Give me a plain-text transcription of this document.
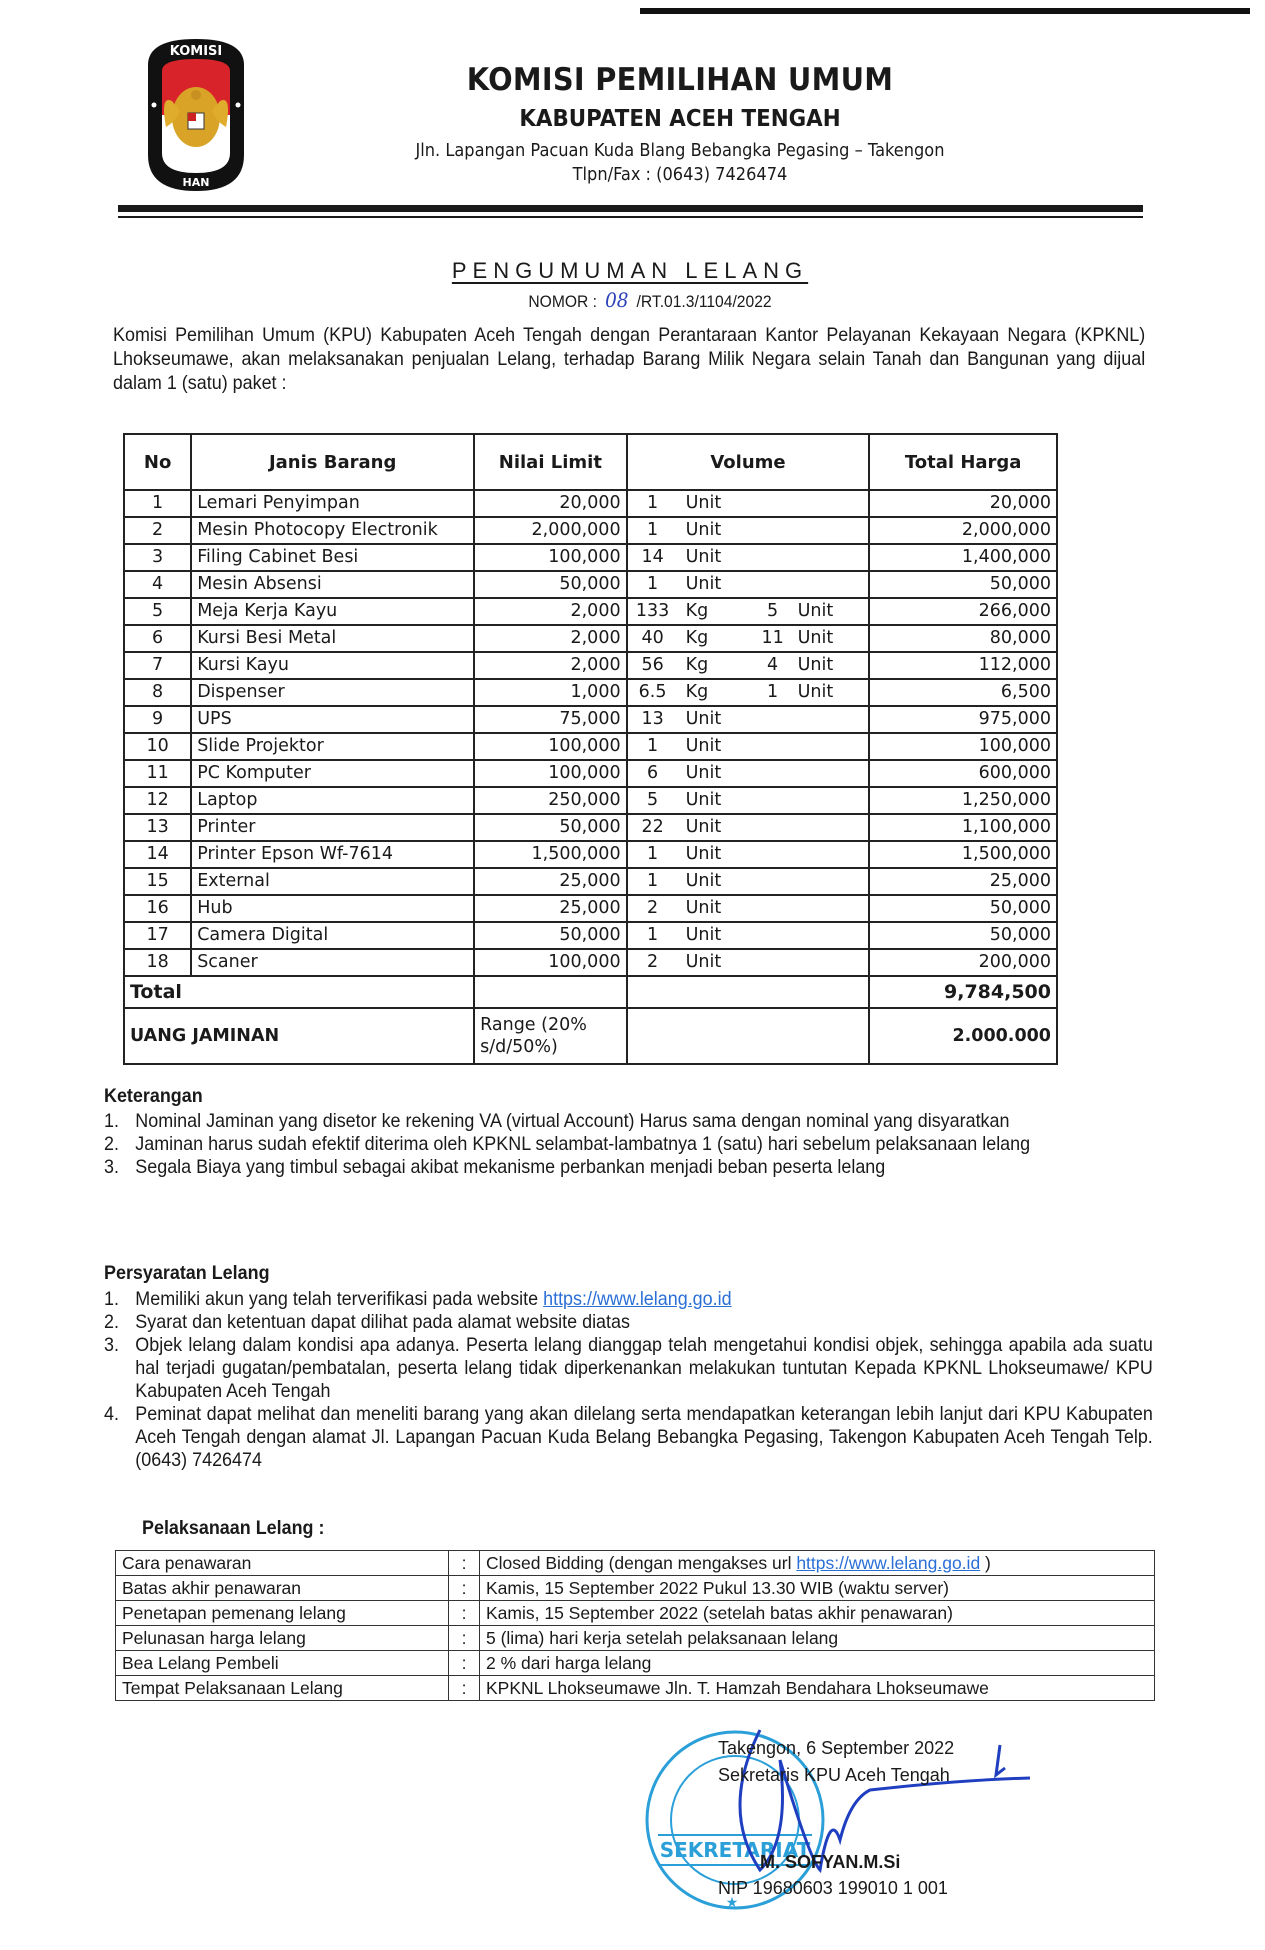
KOMISI
HAN
KOMISI PEMILIHAN UMUM
KABUPATEN ACEH TENGAH
Jln. Lapangan Pacuan Kuda Blang Bebangka Pegasing – Takengon
Tlpn/Fax : (0643) 7426474
PENGUMUMAN LELANG
NOMOR : 08 /RT.01.3/1104/2022
Komisi Pemilihan Umum (KPU) Kabupaten Aceh Tengah dengan Perantaraan Kantor Pelayanan Kekayaan Negara (KPKNL) Lhokseumawe, akan melaksanakan penjualan Lelang, terhadap Barang Milik Negara selain Tanah dan Bangunan yang dijual dalam 1 (satu) paket :
No	Janis Barang	Nilai Limit	Volume	Total Harga
1	Lemari Penyimpan	20,000	1 Unit	20,000
2	Mesin Photocopy Electronik	2,000,000	1 Unit	2,000,000
3	Filing Cabinet Besi	100,000	14 Unit	1,400,000
4	Mesin Absensi	50,000	1 Unit	50,000
5	Meja Kerja Kayu	2,000	133 Kg 5 Unit	266,000
6	Kursi Besi Metal	2,000	40 Kg 11 Unit	80,000
7	Kursi Kayu	2,000	56 Kg 4 Unit	112,000
8	Dispenser	1,000	6.5 Kg 1 Unit	6,500
9	UPS	75,000	13 Unit	975,000
10	Slide Projektor	100,000	1 Unit	100,000
11	PC Komputer	100,000	6 Unit	600,000
12	Laptop	250,000	5 Unit	1,250,000
13	Printer	50,000	22 Unit	1,100,000
14	Printer Epson Wf-7614	1,500,000	1 Unit	1,500,000
15	External	25,000	1 Unit	25,000
16	Hub	25,000	2 Unit	50,000
17	Camera Digital	50,000	1 Unit	50,000
18	Scaner	100,000	2 Unit	200,000
Total				9,784,500
UANG JAMINAN		Range (20% s/d/50%)		2.000.000
Keterangan
1. Nominal Jaminan yang disetor ke rekening VA (virtual Account) Harus sama dengan nominal yang disyaratkan
2. Jaminan harus sudah efektif diterima oleh KPKNL selambat-lambatnya 1 (satu) hari sebelum pelaksanaan lelang
3. Segala Biaya yang timbul sebagai akibat mekanisme perbankan menjadi beban peserta lelang
Persyaratan Lelang
1. Memiliki akun yang telah terverifikasi pada website https://www.lelang.go.id
2. Syarat dan ketentuan dapat dilihat pada alamat website diatas
3. Objek lelang dalam kondisi apa adanya. Peserta lelang dianggap telah mengetahui kondisi objek, sehingga apabila ada suatu hal terjadi gugatan/pembatalan, peserta lelang tidak diperkenankan melakukan tuntutan Kepada KPKNL Lhokseumawe/ KPU Kabupaten Aceh Tengah
4. Peminat dapat melihat dan meneliti barang yang akan dilelang serta mendapatkan keterangan lebih lanjut dari KPU Kabupaten Aceh Tengah dengan alamat Jl. Lapangan Pacuan Kuda Belang Bebangka Pegasing, Takengon Kabupaten Aceh Tengah Telp. (0643) 7426474
Pelaksanaan Lelang :
Cara penawaran	:	Closed Bidding (dengan mengakses url https://www.lelang.go.id )
Batas akhir penawaran	:	Kamis, 15 September 2022 Pukul 13.30 WIB (waktu server)
Penetapan pemenang lelang	:	Kamis, 15 September 2022 (setelah batas akhir penawaran)
Pelunasan harga lelang	:	5 (lima) hari kerja setelah pelaksanaan lelang
Bea Lelang Pembeli	:	2 % dari harga lelang
Tempat Pelaksanaan Lelang	:	KPKNL Lhokseumawe Jln. T. Hamzah Bendahara Lhokseumawe
SEKRETARIAT
★
Takengon, 6 September 2022
Sekretaris KPU Aceh Tengah
M. SOFYAN.M.Si
NIP 19680603 199010 1 001
